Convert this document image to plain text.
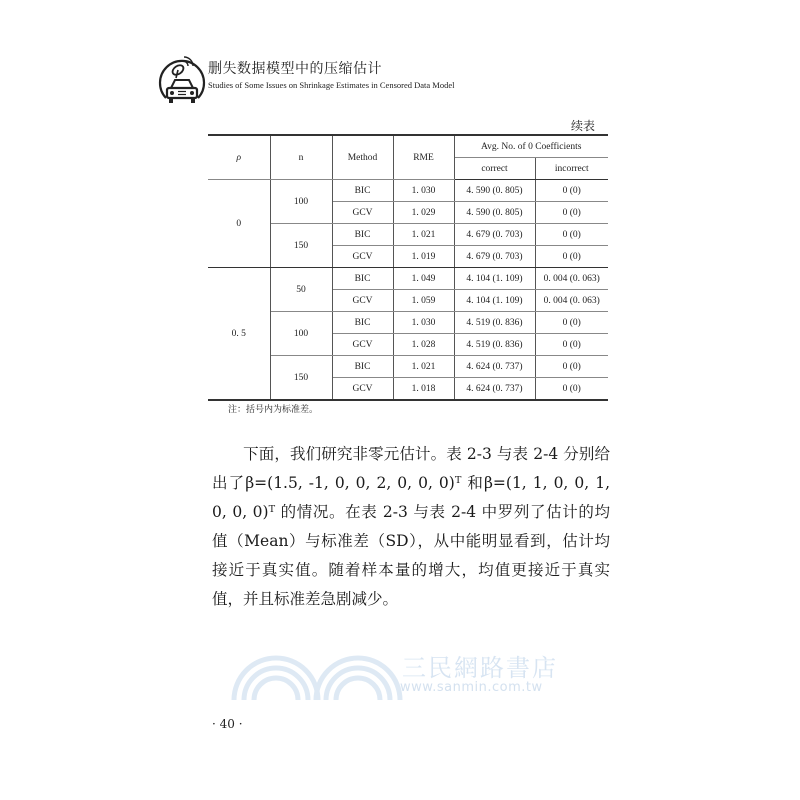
删失数据模型中的压缩估计
Studies of Some Issues on Shrinkage Estimates in Censored Data Model
续表
ρ	n	Method	RME	Avg. No. of 0 Coefficients	
				correct	incorrect
0	100	BIC	1. 030	4. 590 (0. 805)	0 (0)
		GCV	1. 029	4. 590 (0. 805)	0 (0)
	150	BIC	1. 021	4. 679 (0. 703)	0 (0)
		GCV	1. 019	4. 679 (0. 703)	0 (0)
0. 5	50	BIC	1. 049	4. 104 (1. 109)	0. 004 (0. 063)
		GCV	1. 059	4. 104 (1. 109)	0. 004 (0. 063)
	100	BIC	1. 030	4. 519 (0. 836)	0 (0)
		GCV	1. 028	4. 519 (0. 836)	0 (0)
	150	BIC	1. 021	4. 624 (0. 737)	0 (0)
		GCV	1. 018	4. 624 (0. 737)	0 (0)
注：括号内为标准差。

下面，我们研究非零元估计。表 2-3 与表 2-4 分别给出了β=(1.5, -1, 0, 0, 2, 0, 0, 0)ᵀ 和β=(1, 1, 0, 0, 1, 0, 0, 0)ᵀ 的情况。在表 2-3 与表 2-4 中罗列了估计的均值（Mean）与标准差（SD），从中能明显看到，估计均接近于真实值。随着样本量的增大，均值更接近于真实值，并且标准差急剧减少。

三民網路書店
www.sanmin.com.tw
· 40 ·
